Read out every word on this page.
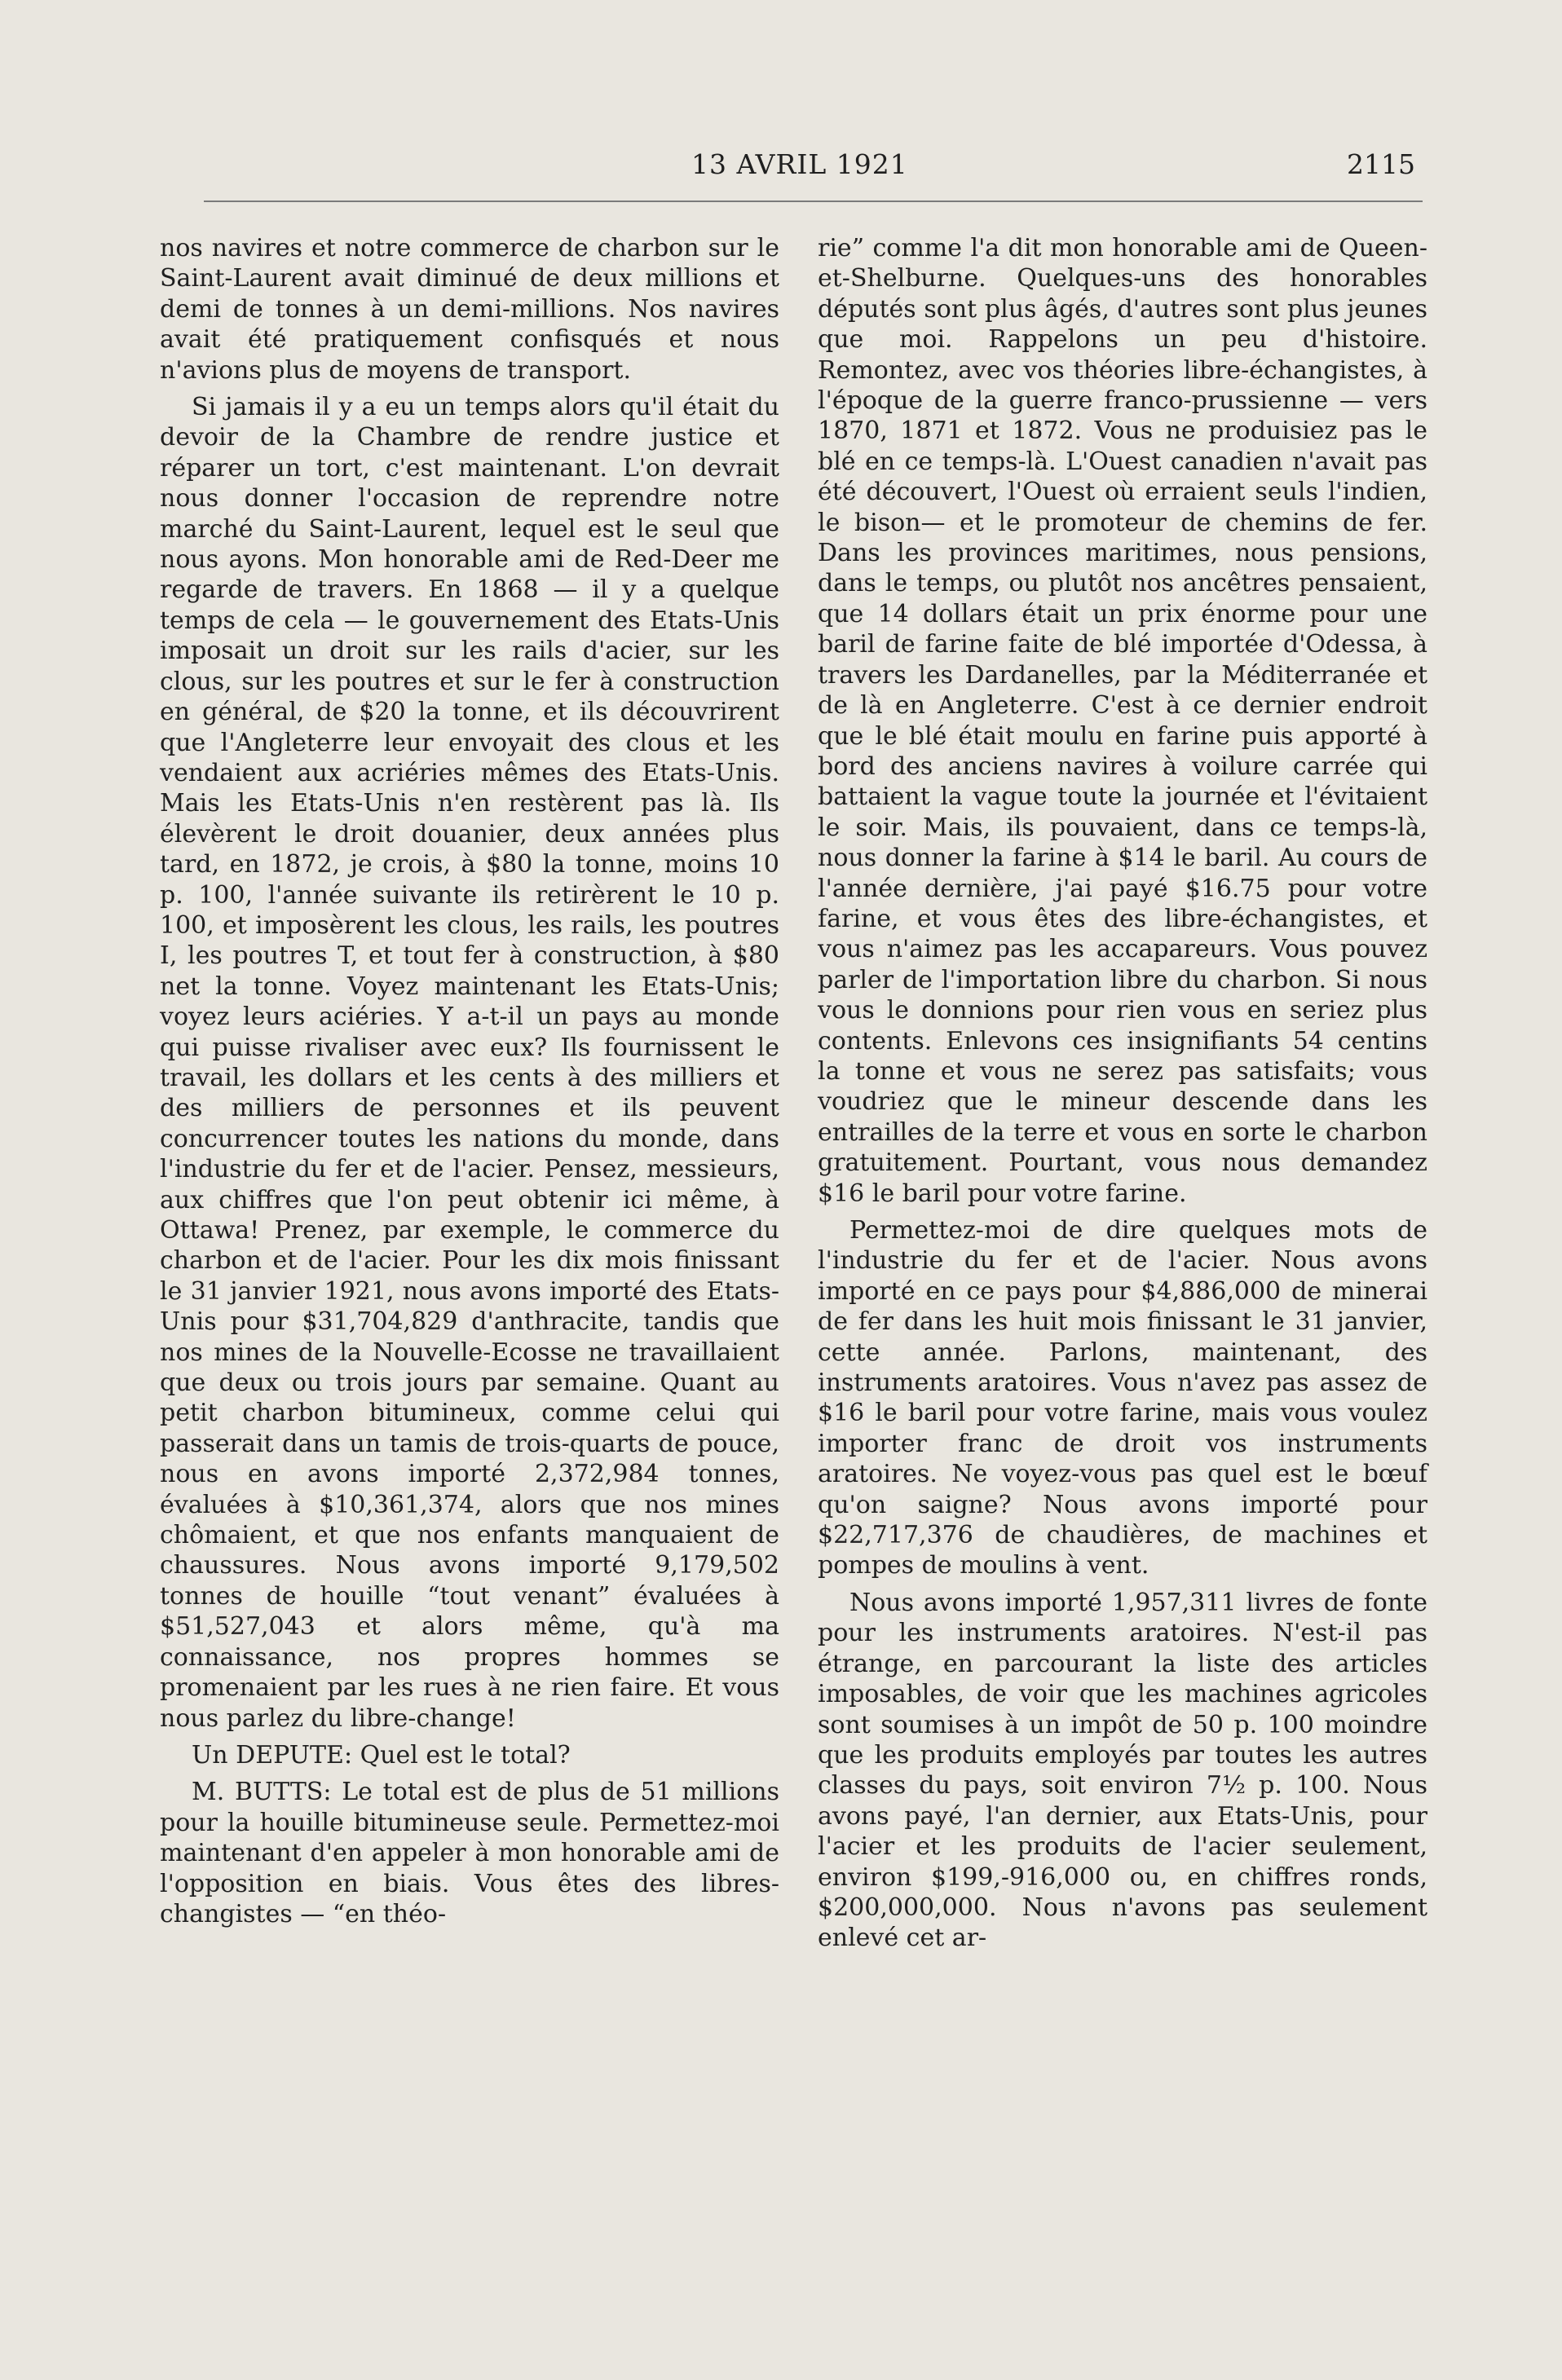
13 AVRIL 1921	2115

nos navires et notre commerce de charbon sur le Saint-Laurent avait diminué de deux millions et demi de tonnes à un demi-millions. Nos navires avait été pratiquement confisqués et nous n'avions plus de moyens de transport.

Si jamais il y a eu un temps alors qu'il était du devoir de la Chambre de rendre justice et réparer un tort, c'est maintenant. L'on devrait nous donner l'occasion de reprendre notre marché du Saint-Laurent, lequel est le seul que nous ayons. Mon honorable ami de Red-Deer me regarde de travers. En 1868 — il y a quelque temps de cela — le gouvernement des Etats-Unis imposait un droit sur les rails d'acier, sur les clous, sur les poutres et sur le fer à construction en général, de $20 la tonne, et ils découvrirent que l'Angleterre leur envoyait des clous et les vendaient aux acriéries mêmes des Etats-Unis. Mais les Etats-Unis n'en restèrent pas là. Ils élevèrent le droit douanier, deux années plus tard, en 1872, je crois, à $80 la tonne, moins 10 p. 100, l'année suivante ils retirèrent le 10 p. 100, et imposèrent les clous, les rails, les poutres I, les poutres T, et tout fer à construction, à $80 net la tonne. Voyez maintenant les Etats-Unis; voyez leurs aciéries. Y a-t-il un pays au monde qui puisse rivaliser avec eux? Ils fournissent le travail, les dollars et les cents à des milliers et des milliers de personnes et ils peuvent concurrencer toutes les nations du monde, dans l'industrie du fer et de l'acier. Pensez, messieurs, aux chiffres que l'on peut obtenir ici même, à Ottawa! Prenez, par exemple, le commerce du charbon et de l'acier. Pour les dix mois finissant le 31 janvier 1921, nous avons importé des Etats-Unis pour $31,704,829 d'anthracite, tandis que nos mines de la Nouvelle-Ecosse ne travaillaient que deux ou trois jours par semaine. Quant au petit charbon bitumineux, comme celui qui passerait dans un tamis de trois-quarts de pouce, nous en avons importé 2,372,984 tonnes, évaluées à $10,361,374, alors que nos mines chômaient, et que nos enfants manquaient de chaussures. Nous avons importé 9,179,502 tonnes de houille “tout venant” évaluées à $51,527,043 et alors même, qu'à ma connaissance, nos propres hommes se promenaient par les rues à ne rien faire. Et vous nous parlez du libre-change!

Un DEPUTE: Quel est le total?

M. BUTTS: Le total est de plus de 51 millions pour la houille bitumineuse seule. Permettez-moi maintenant d'en appeler à mon honorable ami de l'opposition en biais. Vous êtes des libres-changistes — “en théo-

rie” comme l'a dit mon honorable ami de Queen-et-Shelburne. Quelques-uns des honorables députés sont plus âgés, d'autres sont plus jeunes que moi. Rappelons un peu d'histoire. Remontez, avec vos théories libre-échangistes, à l'époque de la guerre franco-prussienne — vers 1870, 1871 et 1872. Vous ne produisiez pas le blé en ce temps-là. L'Ouest canadien n'avait pas été découvert, l'Ouest où erraient seuls l'indien, le bison— et le promoteur de chemins de fer. Dans les provinces maritimes, nous pensions, dans le temps, ou plutôt nos ancêtres pensaient, que 14 dollars était un prix énorme pour une baril de farine faite de blé importée d'Odessa, à travers les Dardanelles, par la Méditerranée et de là en Angleterre. C'est à ce dernier endroit que le blé était moulu en farine puis apporté à bord des anciens navires à voilure carrée qui battaient la vague toute la journée et l'évitaient le soir. Mais, ils pouvaient, dans ce temps-là, nous donner la farine à $14 le baril. Au cours de l'année dernière, j'ai payé $16.75 pour votre farine, et vous êtes des libre-échangistes, et vous n'aimez pas les accapareurs. Vous pouvez parler de l'importation libre du charbon. Si nous vous le donnions pour rien vous en seriez plus contents. Enlevons ces insignifiants 54 centins la tonne et vous ne serez pas satisfaits; vous voudriez que le mineur descende dans les entrailles de la terre et vous en sorte le charbon gratuitement. Pourtant, vous nous demandez $16 le baril pour votre farine.

Permettez-moi de dire quelques mots de l'industrie du fer et de l'acier. Nous avons importé en ce pays pour $4,886,000 de minerai de fer dans les huit mois finissant le 31 janvier, cette année. Parlons, maintenant, des instruments aratoires. Vous n'avez pas assez de $16 le baril pour votre farine, mais vous voulez importer franc de droit vos instruments aratoires. Ne voyez-vous pas quel est le bœuf qu'on saigne? Nous avons importé pour $22,717,376 de chaudières, de machines et pompes de moulins à vent.

Nous avons importé 1,957,311 livres de fonte pour les instruments aratoires. N'est-il pas étrange, en parcourant la liste des articles imposables, de voir que les machines agricoles sont soumises à un impôt de 50 p. 100 moindre que les produits employés par toutes les autres classes du pays, soit environ 7½ p. 100. Nous avons payé, l'an dernier, aux Etats-Unis, pour l'acier et les produits de l'acier seulement, environ $199,-916,000 ou, en chiffres ronds, $200,000,000. Nous n'avons pas seulement enlevé cet ar-
